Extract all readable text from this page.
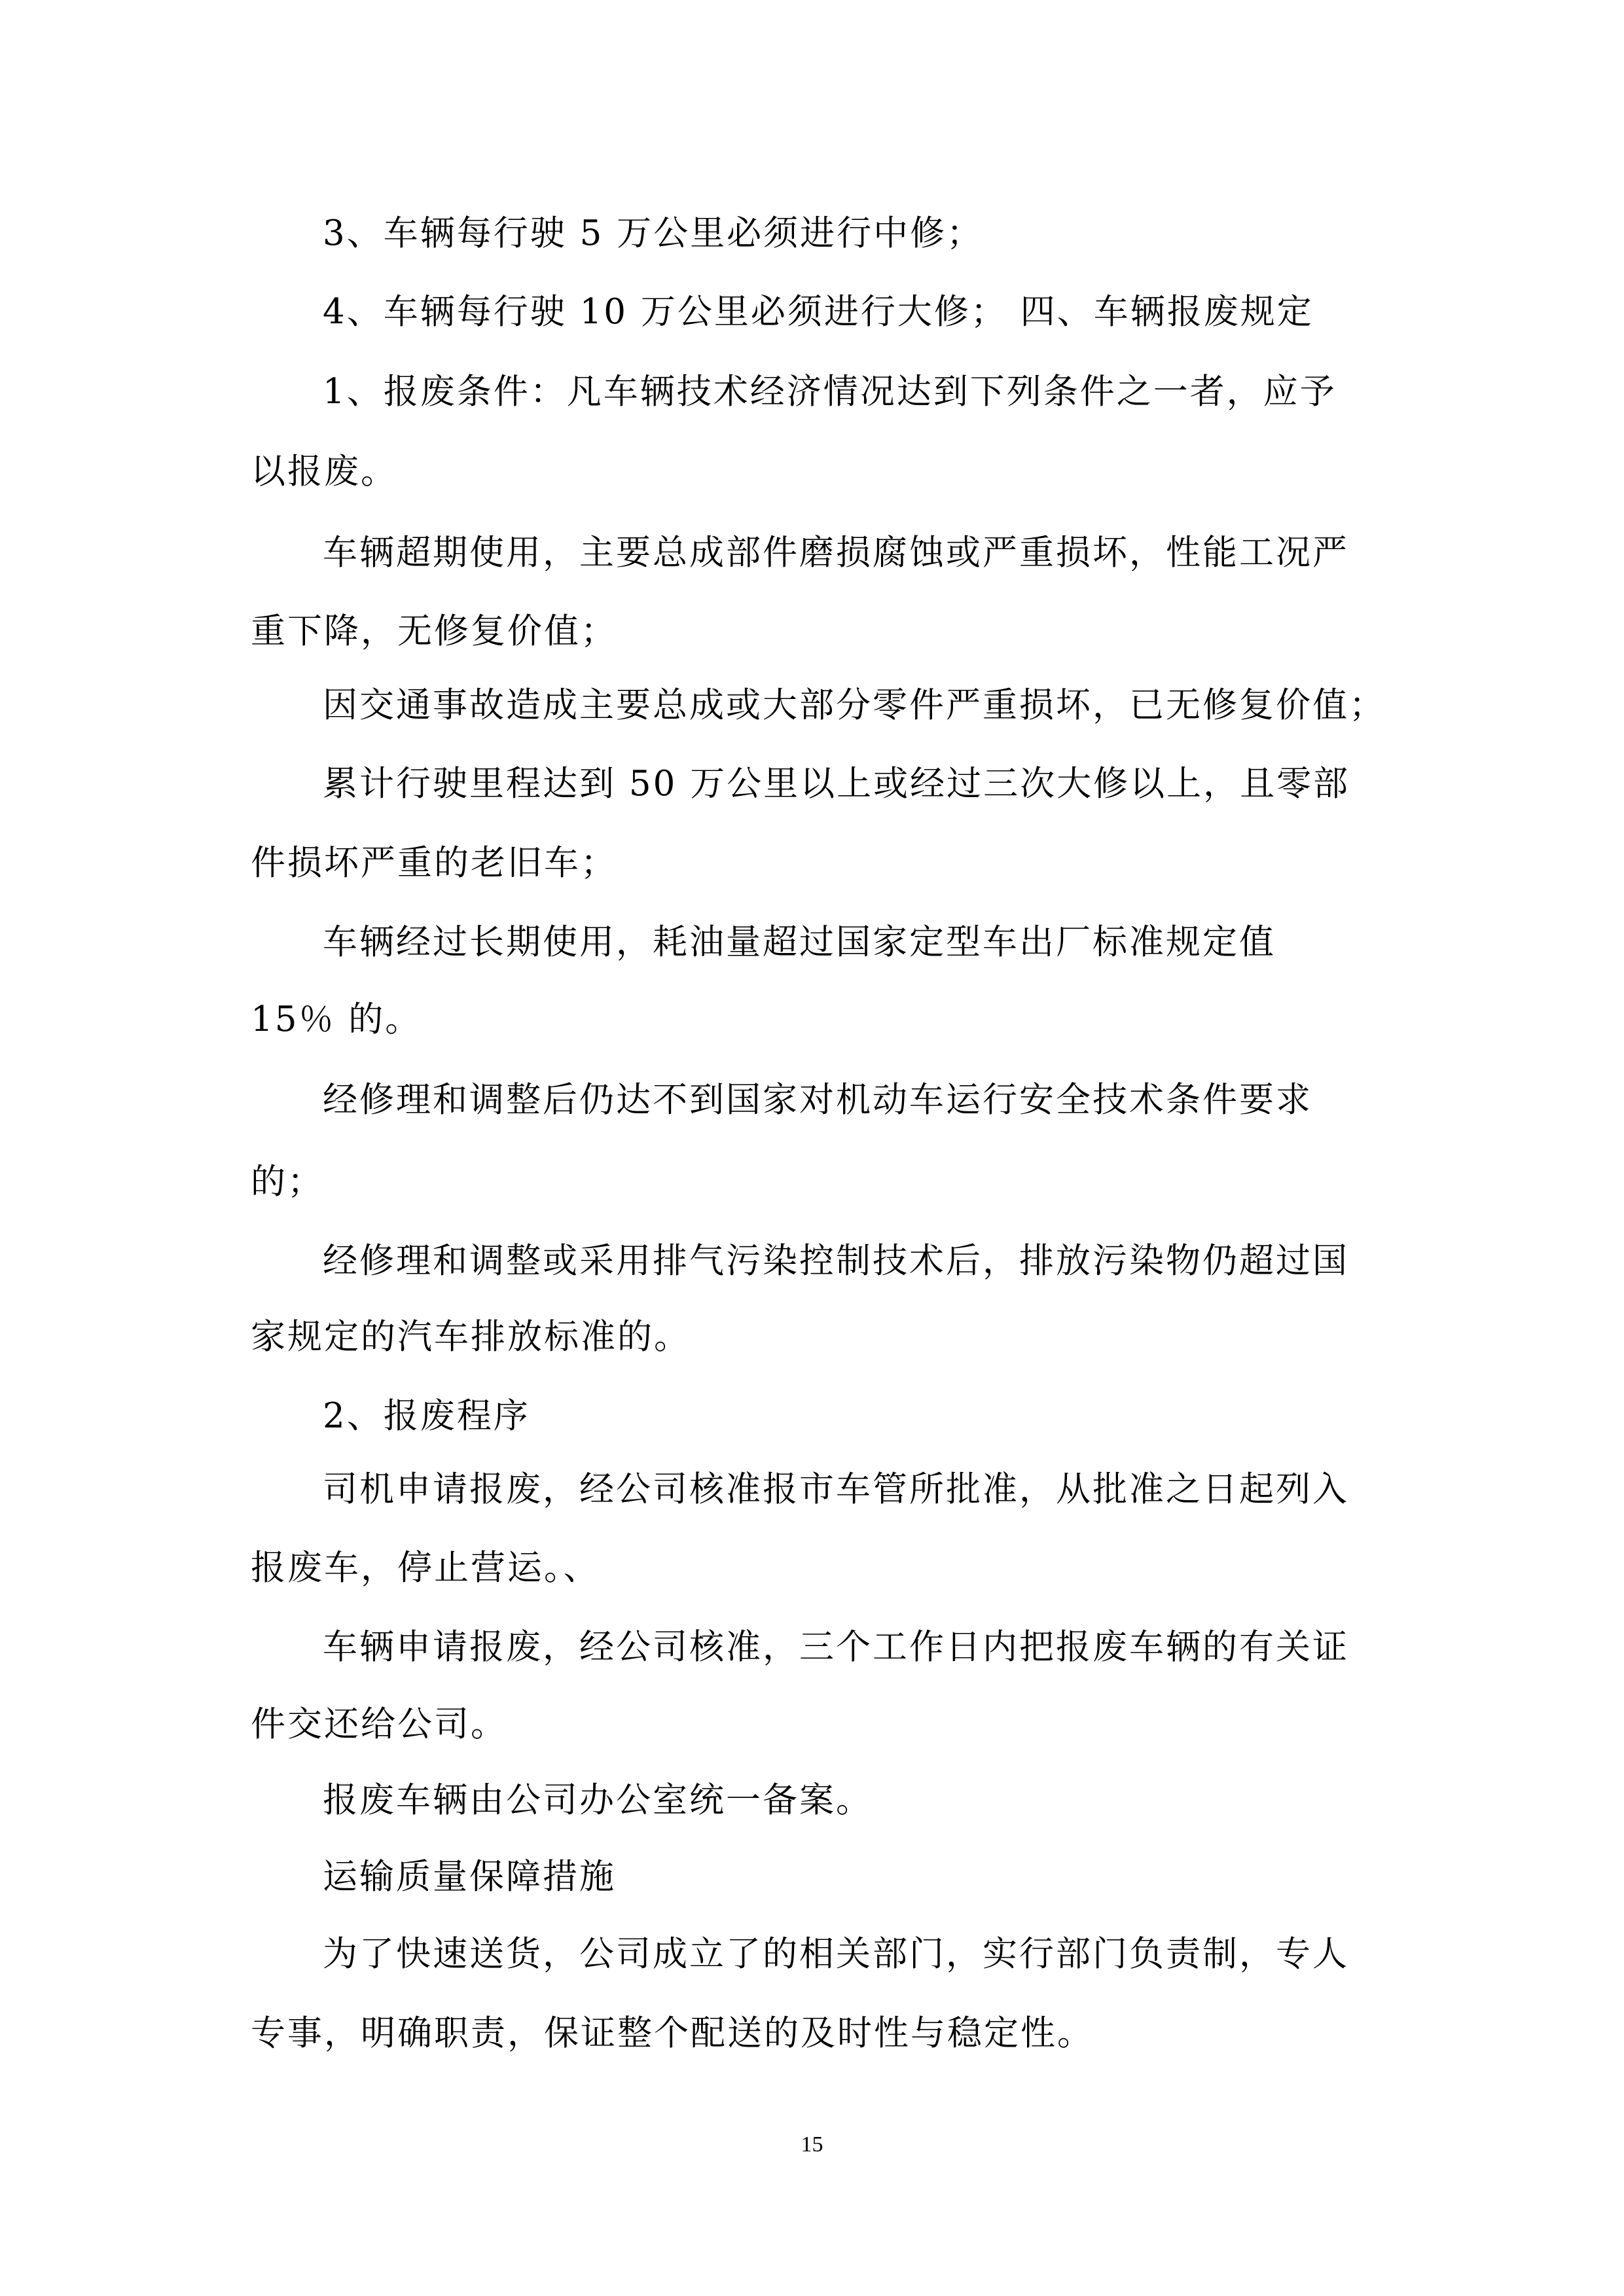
3、车辆每行驶 5 万公里必须进行中修；
4、车辆每行驶 10 万公里必须进行大修； 四、车辆报废规定
1、报废条件：凡车辆技术经济情况达到下列条件之一者，应予
以报废。
车辆超期使用，主要总成部件磨损腐蚀或严重损坏，性能工况严
重下降，无修复价值；
因交通事故造成主要总成或大部分零件严重损坏，已无修复价值；
累计行驶里程达到 50 万公里以上或经过三次大修以上，且零部
件损坏严重的老旧车；
车辆经过长期使用，耗油量超过国家定型车出厂标准规定值
15％ 的。
经修理和调整后仍达不到国家对机动车运行安全技术条件要求
的；
经修理和调整或采用排气污染控制技术后，排放污染物仍超过国
家规定的汽车排放标准的。
2、报废程序
司机申请报废，经公司核准报市车管所批准，从批准之日起列入
报废车，停止营运。、
车辆申请报废，经公司核准，三个工作日内把报废车辆的有关证
件交还给公司。
报废车辆由公司办公室统一备案。
运输质量保障措施
为了快速送货，公司成立了的相关部门，实行部门负责制，专人
专事，明确职责，保证整个配送的及时性与稳定性。
15
